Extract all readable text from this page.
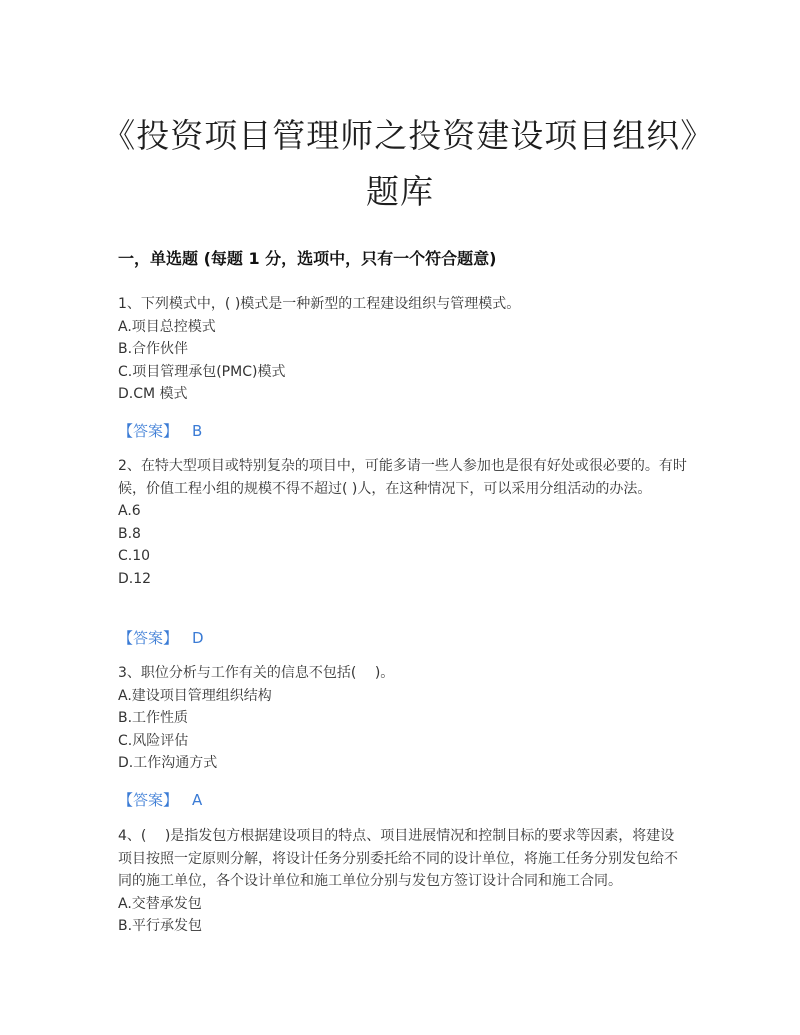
《投资项目管理师之投资建设项目组织》题库
一，单选题 (每题 1 分，选项中，只有一个符合题意)

1、下列模式中，( )模式是一种新型的工程建设组织与管理模式。

A.项目总控模式

B.合作伙伴

C.项目管理承包(PMC)模式

D.CM 模式

【答案】 B

2、在特大型项目或特别复杂的项目中，可能多请一些人参加也是很有好处或很必要的。有时候，价值工程小组的规模不得不超过( )人，在这种情况下，可以采用分组活动的办法。

A.6

B.8

C.10

D.12

【答案】 D

3、职位分析与工作有关的信息不包括(　 )。

A.建设项目管理组织结构

B.工作性质

C.风险评估

D.工作沟通方式

【答案】 A

4、(　 )是指发包方根据建设项目的特点、项目进展情况和控制目标的要求等因素，将建设项目按照一定原则分解，将设计任务分别委托给不同的设计单位，将施工任务分别发包给不同的施工单位，各个设计单位和施工单位分别与发包方签订设计合同和施工合同。

A.交替承发包

B.平行承发包
